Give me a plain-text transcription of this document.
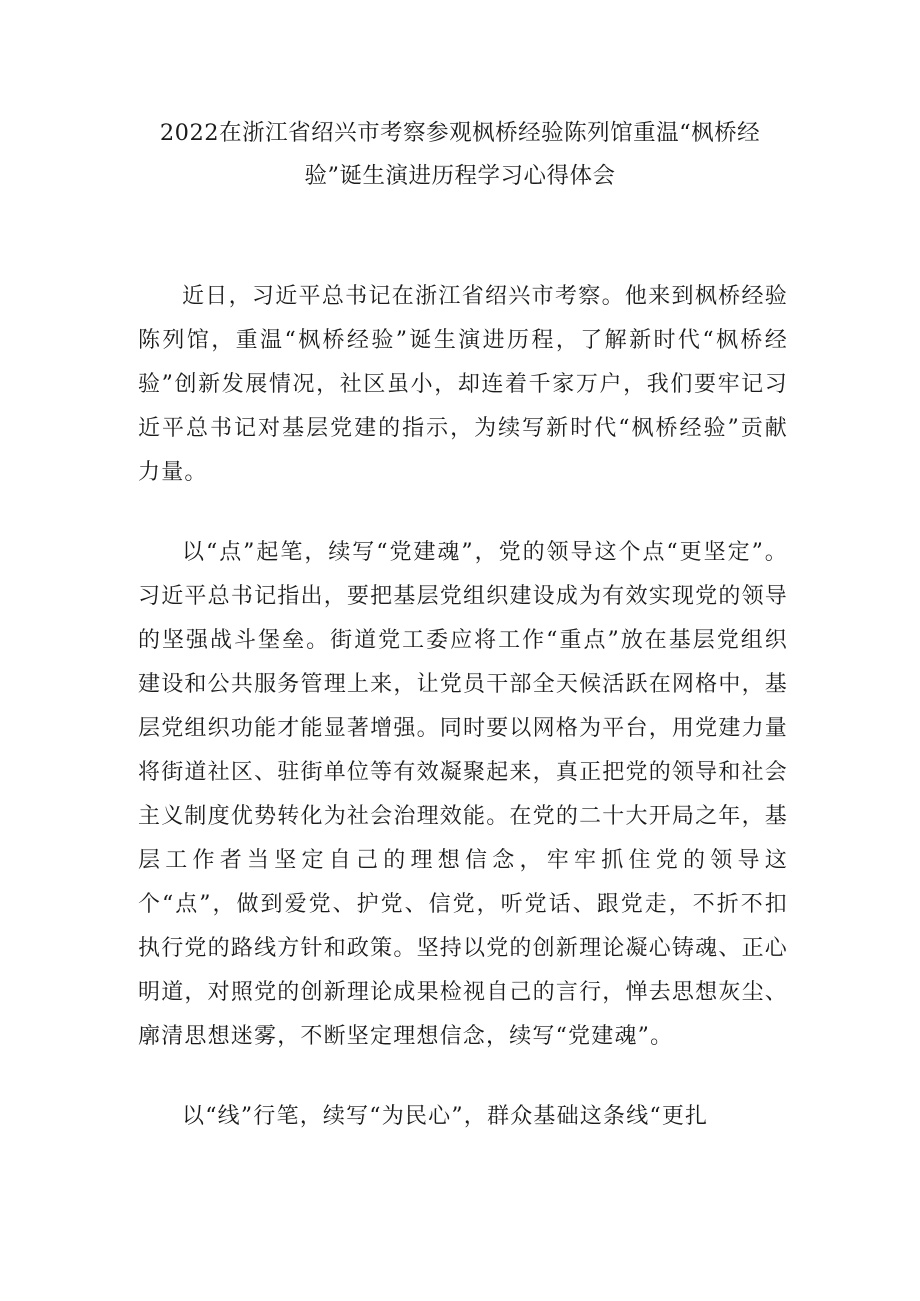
2022在浙江省绍兴市考察参观枫桥经验陈列馆重温“枫桥经
验”诞生演进历程学习心得体会

近日，习近平总书记在浙江省绍兴市考察。他来到枫桥经验陈列馆，重温“枫桥经验”诞生演进历程，了解新时代“枫桥经验”创新发展情况，社区虽小，却连着千家万户，我们要牢记习近平总书记对基层党建的指示，为续写新时代“枫桥经验”贡献力量。

以“点”起笔，续写“党建魂”，党的领导这个点“更坚定”。习近平总书记指出，要把基层党组织建设成为有效实现党的领导的坚强战斗堡垒。街道党工委应将工作“重点”放在基层党组织建设和公共服务管理上来，让党员干部全天候活跃在网格中，基层党组织功能才能显著增强。同时要以网格为平台，用党建力量将街道社区、驻街单位等有效凝聚起来，真正把党的领导和社会主义制度优势转化为社会治理效能。在党的二十大开局之年，基层工作者当坚定自己的理想信念，牢牢抓住党的领导这个“点”，做到爱党、护党、信党，听党话、跟党走，不折不扣执行党的路线方针和政策。坚持以党的创新理论凝心铸魂、正心明道，对照党的创新理论成果检视自己的言行，惮去思想灰尘、廓清思想迷雾，不断坚定理想信念，续写“党建魂”。

以“线”行笔，续写“为民心”，群众基础这条线“更扎
